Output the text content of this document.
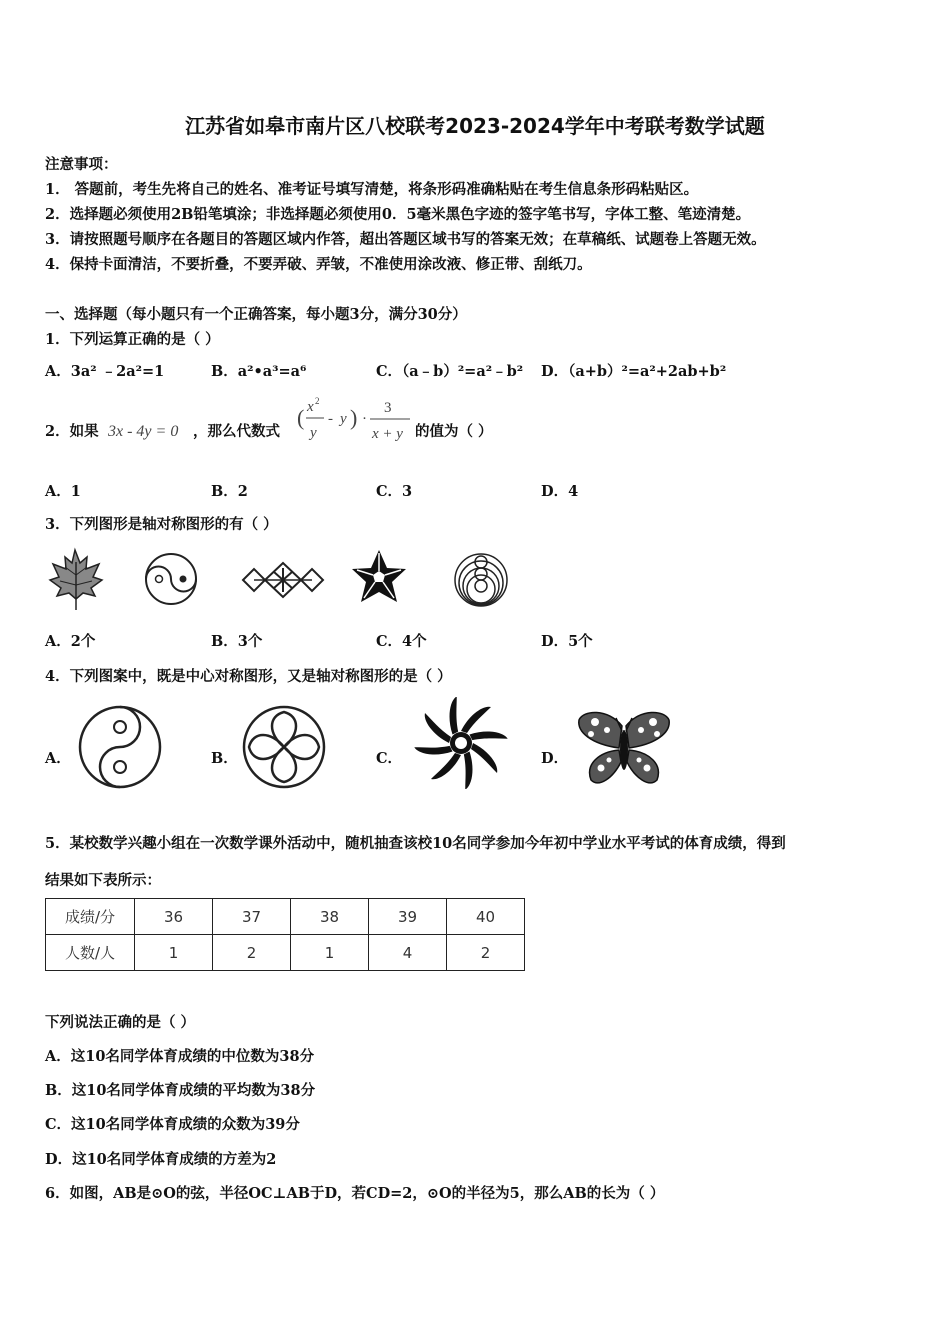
江苏省如皋市南片区八校联考2023-2024学年中考联考数学试题
注意事项：
1． 答题前，考生先将自己的姓名、准考证号填写清楚，将条形码准确粘贴在考生信息条形码粘贴区。
2．选择题必须使用2B铅笔填涂；非选择题必须使用0．5毫米黑色字迹的签字笔书写，字体工整、笔迹清楚。
3．请按照题号顺序在各题目的答题区域内作答，超出答题区域书写的答案无效；在草稿纸、试题卷上答题无效。
4．保持卡面清洁，不要折叠，不要弄破、弄皱，不准使用涂改液、修正带、刮纸刀。
一、选择题（每小题只有一个正确答案，每小题3分，满分30分）
1．下列运算正确的是（ ）
A．3a² ﹣2a²=1	B．a²•a³=a⁶	C．（a﹣b）²=a²﹣b² D．（a+b）²=a²+2ab+b²
2．如果 3x - 4y = 0 ，那么代数式
( x 2
y
- y ) ·
3
x + y 的值为（ ）
A．1	B．2	C．3	D．4
3．下列图形是轴对称图形的有（ ）
A．2个	B．3个	C．4个	D．5个
4．下列图案中，既是中心对称图形，又是轴对称图形的是（ ）
A．	B．	C．	D．
5．某校数学兴趣小组在一次数学课外活动中，随机抽查该校10名同学参加今年初中学业水平考试的体育成绩，得到
结果如下表所示：
成绩/分	36	37	38	39	40
人数/人	1	2	1	4	2
下列说法正确的是（ ）
A．这10名同学体育成绩的中位数为38分
B．这10名同学体育成绩的平均数为38分
C．这10名同学体育成绩的众数为39分
D．这10名同学体育成绩的方差为2
6．如图，AB是⊙O的弦，半径OC⊥AB于D，若CD=2，⊙O的半径为5，那么AB的长为（ ）
